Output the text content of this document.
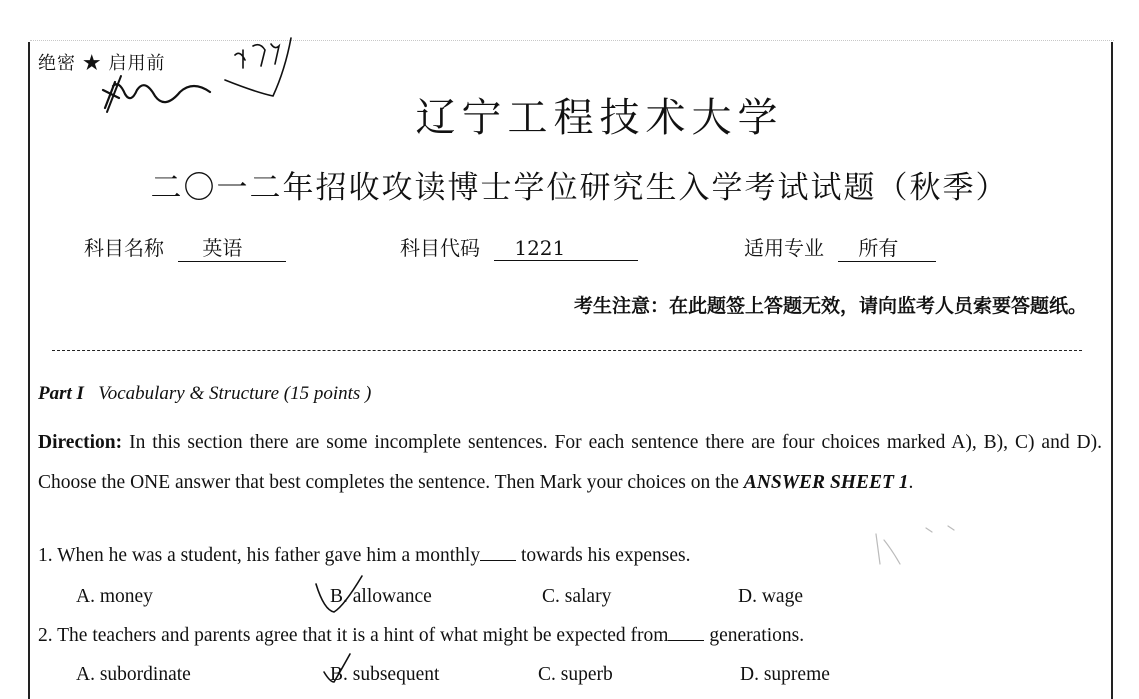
绝密 ★ 启用前
辽宁工程技术大学
二〇一二年招收攻读博士学位研究生入学考试试题（秋季）
科目名称 英语	科目代码 1221	适用专业 所有
考生注意：在此题签上答题无效，请向监考人员索要答题纸。
Part I Vocabulary & Structure (15 points )
Direction: In this section there are some incomplete sentences. For each sentence there are four choices marked A), B), C) and D). Choose the ONE answer that best completes the sentence. Then Mark your choices on the ANSWER SHEET 1.
1. When he was a student, his father gave him a monthly towards his expenses.
A. money	B. allowance	C. salary	D. wage
2. The teachers and parents agree that it is a hint of what might be expected from generations.
A. subordinate	B. subsequent	C. superb	D. supreme
